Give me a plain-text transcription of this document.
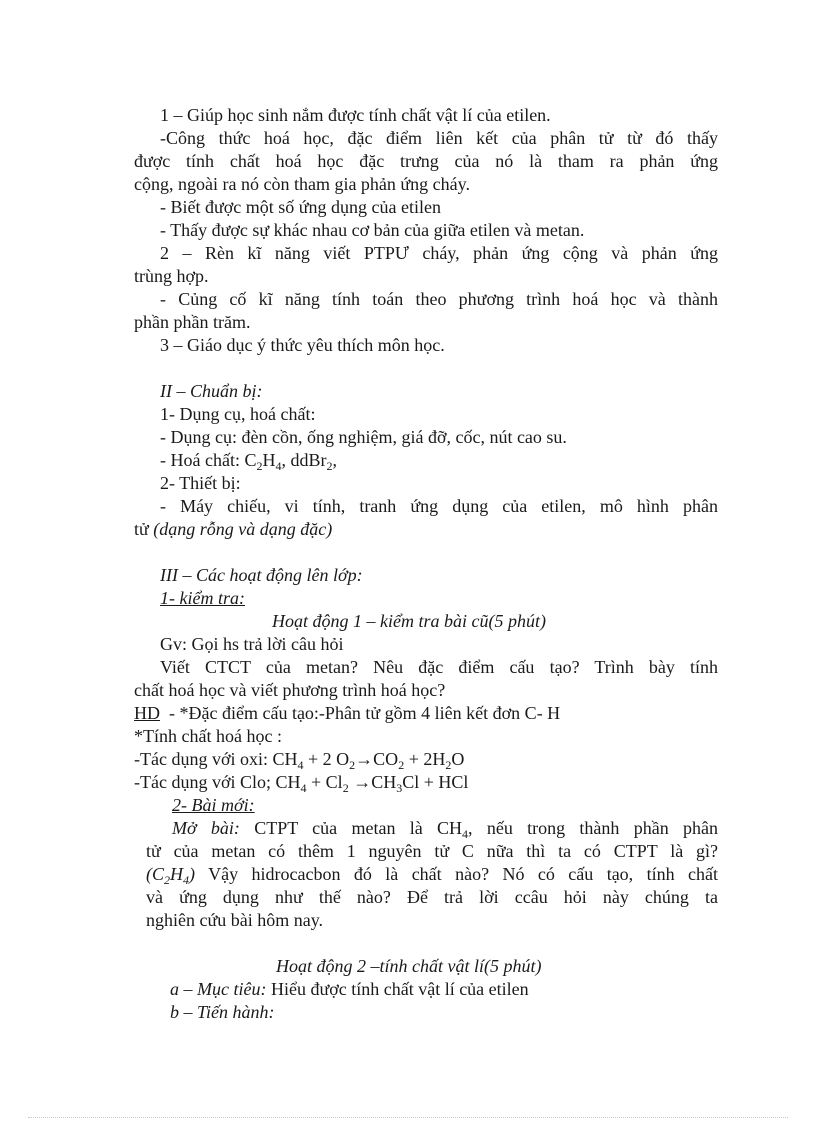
1 – Giúp học sinh nắm được tính chất vật lí của etilen.
-Công thức hoá học, đặc điểm liên kết của phân tử từ đó thấy
được tính chất hoá học đặc trưng của nó là tham ra phản ứng
cộng, ngoài ra nó còn tham gia phản ứng cháy.
- Biết được một số ứng dụng của etilen
- Thấy được sự khác nhau cơ bản của giữa etilen và metan.
2 – Rèn kĩ năng viết PTPƯ cháy, phản ứng cộng và phản ứng
trùng hợp.
- Củng cố kĩ năng tính toán theo phương trình hoá học và thành
phần phần trăm.
3 – Giáo dục ý thức yêu thích môn học.
II – Chuẩn bị:
1- Dụng cụ, hoá chất:
- Dụng cụ: đèn cồn, ống nghiệm, giá đỡ, cốc, nút cao su.
- Hoá chất: $C_2H_4$, ddBr$_2$,
2- Thiết bị:
- Máy chiếu, vi tính, tranh ứng dụng của etilen, mô hình phân
tử (dạng rỗng và dạng đặc)
III – Các hoạt động lên lớp:
1- kiểm tra:
Hoạt động 1 – kiểm tra bài cũ(5 phút)
Gv: Gọi hs trả lời câu hỏi
Viết CTCT của metan? Nêu đặc điểm cấu tạo? Trình bày tính
chất hoá học và viết phương trình hoá học?
HD  - *Đặc điểm cấu tạo:-Phân tử gồm 4 liên kết đơn C- H
*Tính chất hoá học :
-Tác dụng với oxi: $CH_4 + 2$ $O_2\to CO_2 + 2H_2O$
-Tác dụng với Clo; $CH_4 + Cl_2 \to CH_3Cl$ + HCl
2- Bài mới:
Mở bài: CTPT của metan là $CH_4$, nếu trong thành phần phân
tử của metan có thêm 1 nguyên tử C nữa thì ta có CTPT là gì?
$(C_2H_4)$ Vậy hidrocacbon đó là chất nào? Nó có cấu tạo, tính chất
và ứng dụng như thế nào? Để trả lời ccâu hỏi này chúng ta
nghiên cứu bài hôm nay.
Hoạt động 2 –tính chất vật lí(5 phút)
a – Mục tiêu: Hiểu được tính chất vật lí của etilen
b – Tiến hành:
